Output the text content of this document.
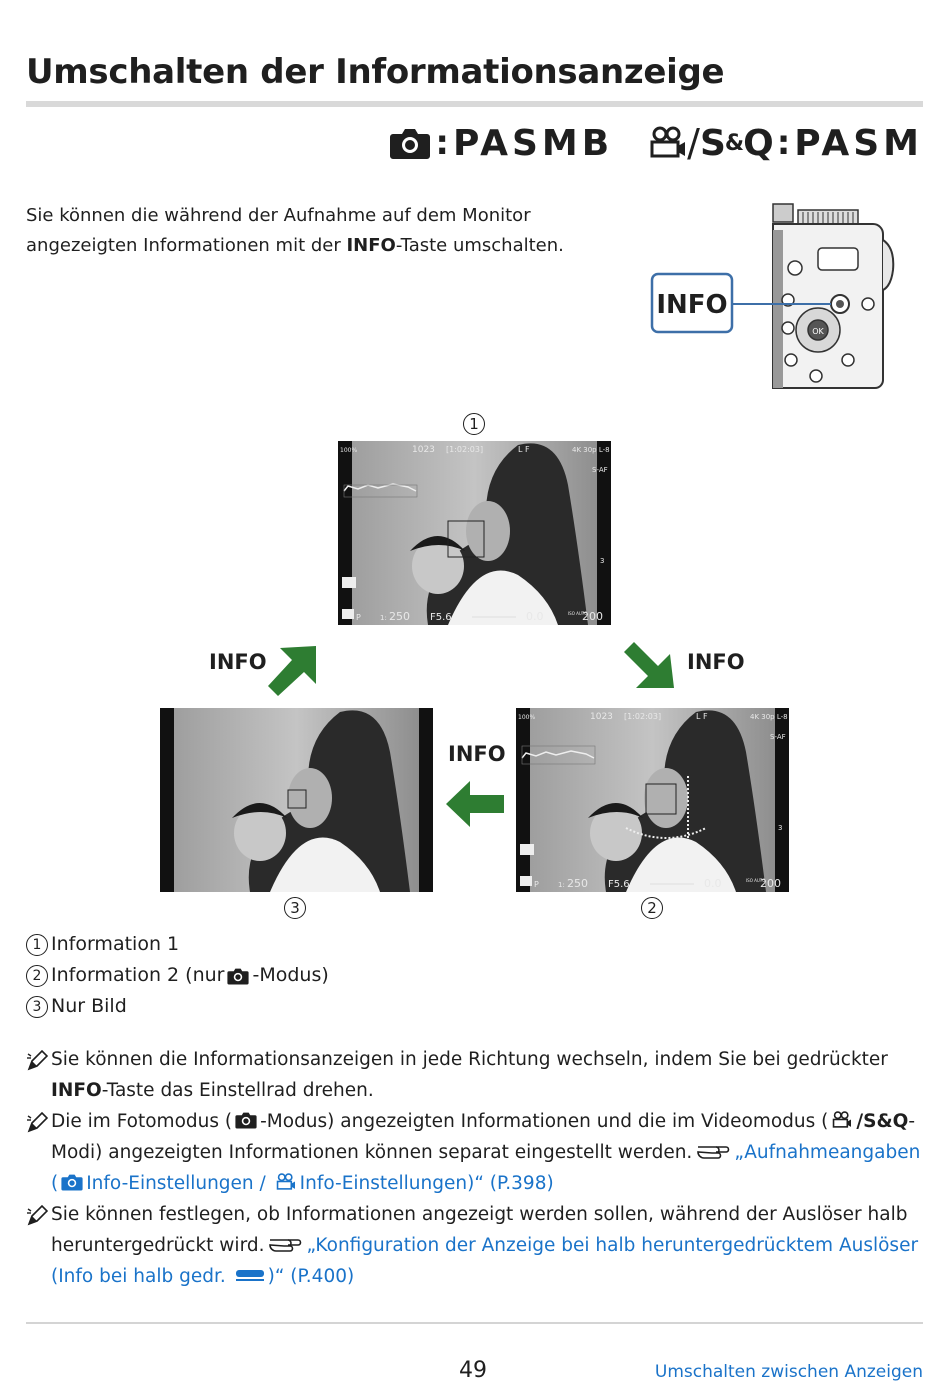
Umschalten der Informationsanzeige
: PASMB / S & Q : PASM

Sie können die während der Aufnahme auf dem Monitor angezeigten Informationen mit der INFO-Taste umschalten.

OK
INFO
1
2
3
100%	1023 [1:02:03]	L F	4K 30p L-8
S-AF
3
P	1: 250 F5.6	0.0	ISO AUTO
200
100%	1023 [1:02:03]	L F	4K 30p L-8
S-AF
3
P	1: 250 F5.6	0.0	ISO AUTO
200
INFO	INFO
INFO
1 Information 1
2 Information 2 (nur -Modus)
3 Nur Bild
Sie können die Informationsanzeigen in jede Richtung wechseln, indem Sie bei gedrückter INFO-Taste das Einstellrad drehen.
Die im Fotomodus ( -Modus) angezeigten Informationen und die im Videomodus ( /S&Q-Modi) angezeigten Informationen können separat eingestellt werden. „Aufnahmeangaben ( Info-Einstellungen / Info-Einstellungen)“ (P.398)
Sie können festlegen, ob Informationen angezeigt werden sollen, während der Auslöser halb heruntergedrückt wird. „Konfiguration der Anzeige bei halb heruntergedrücktem Auslöser (Info bei halb gedr. )“ (P.400)
49	Umschalten zwischen Anzeigen
